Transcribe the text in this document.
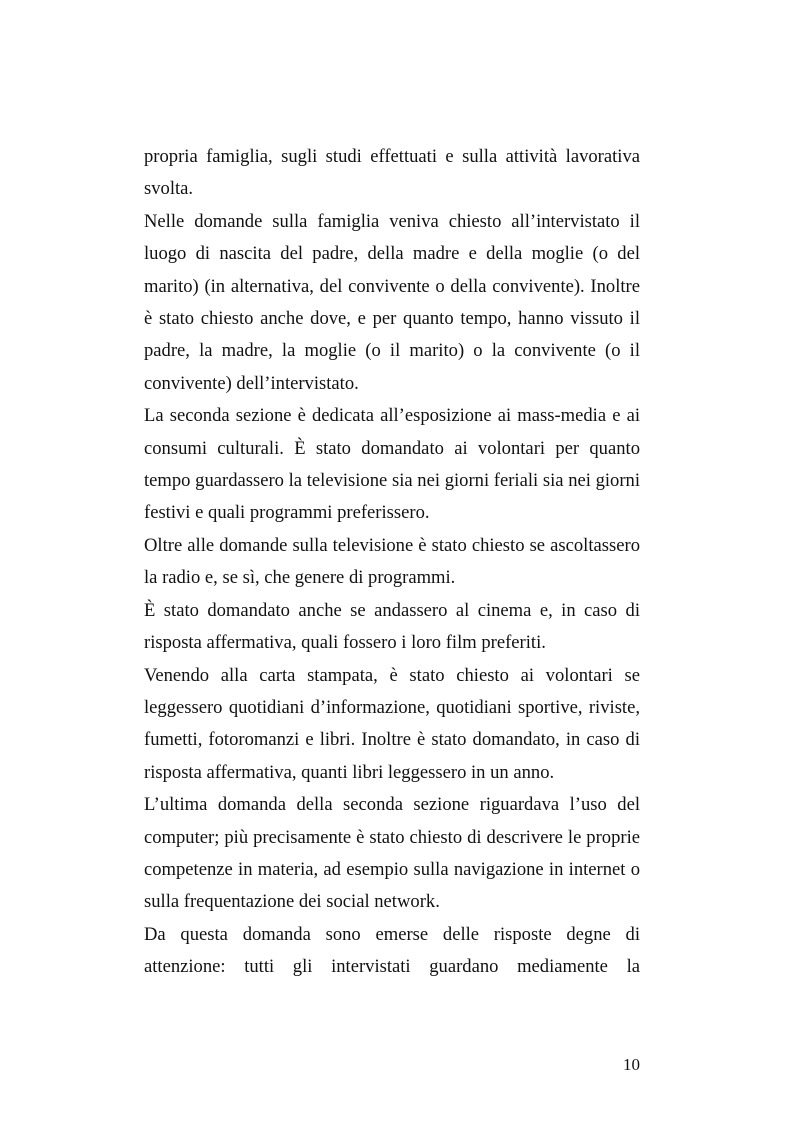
propria famiglia, sugli studi effettuati e sulla attività lavorativa svolta.

Nelle domande sulla famiglia veniva chiesto all’intervistato il luogo di nascita del padre, della madre e della moglie (o del marito) (in alternativa, del convivente o della convivente). Inoltre è stato chiesto anche dove, e per quanto tempo, hanno vissuto il padre, la madre, la moglie (o il marito) o la convivente (o il convivente) dell’intervistato.

La seconda sezione è dedicata all’esposizione ai mass-media e ai consumi culturali. È stato domandato ai volontari per quanto tempo guardassero la televisione sia nei giorni feriali sia nei giorni festivi e quali programmi preferissero.

Oltre alle domande sulla televisione è stato chiesto se ascoltassero la radio e, se sì, che genere di programmi.

È stato domandato anche se andassero al cinema e, in caso di risposta affermativa, quali fossero i loro film preferiti.

Venendo alla carta stampata, è stato chiesto ai volontari se leggessero quotidiani d’informazione, quotidiani sportive, riviste, fumetti, fotoromanzi e libri. Inoltre è stato domandato, in caso di risposta affermativa, quanti libri leggessero in un anno.

L’ultima domanda della seconda sezione riguardava l’uso del computer; più precisamente è stato chiesto di descrivere le proprie competenze in materia, ad esempio sulla navigazione in internet o sulla frequentazione dei social network.

Da questa domanda sono emerse delle risposte degne di attenzione: tutti gli intervistati guardano mediamente la

10
